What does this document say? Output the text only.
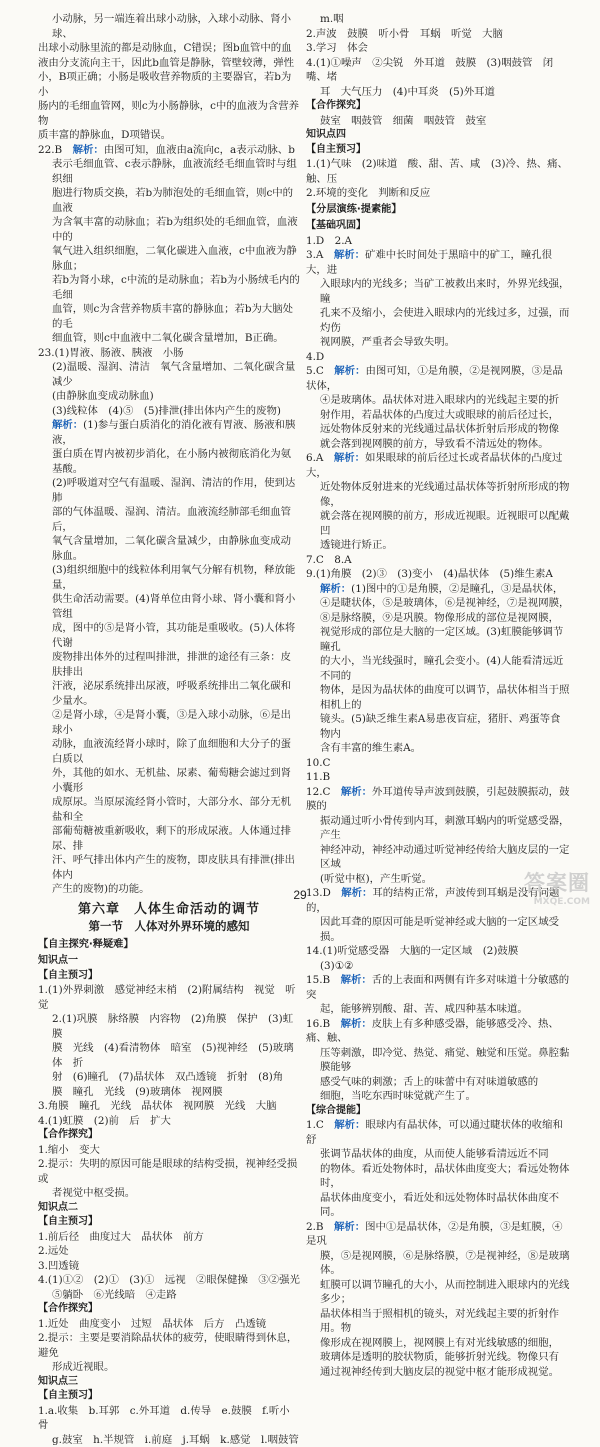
小动脉，另一端连着出球小动脉，入球小动脉、肾小球、

出球小动脉里流的都是动脉血，C错误；图b血管中的血

液由分支流向主干，因此b血管是静脉，管壁较薄，弹性

小，B项正确；小肠是吸收营养物质的主要器官，若b为小

肠内的毛细血管网，则c为小肠静脉，c中的血液为含营养物

质丰富的静脉血，D项错误。

22.B　解析：由图可知，血液由a流向c，a表示动脉、b

表示毛细血管、c表示静脉，血液流经毛细血管时与组织细

胞进行物质交换，若b为肺泡处的毛细血管，则c中的血液

为含氧丰富的动脉血；若b为组织处的毛细血管，血液中的

氧气进入组织细胞，二氧化碳进入血液，c中血液为静脉血；

若b为肾小球，c中流的是动脉血；若b为小肠绒毛内的毛细

血管，则c为含营养物质丰富的静脉血；若b为大脑处的毛

细血管，则c中血液中二氧化碳含量增加，B正确。

23.(1)胃液、肠液、胰液　小肠

(2)温暖、湿润、清洁　氧气含量增加、二氧化碳含量减少

(由静脉血变成动脉血)

(3)线粒体　(4)⑤　(5)排泄(排出体内产生的废物)

解析：(1)参与蛋白质消化的消化液有胃液、肠液和胰液，

蛋白质在胃内被初步消化，在小肠内被彻底消化为氨基酸。

(2)呼吸道对空气有温暖、湿润、清洁的作用，使到达肺

部的气体温暖、湿润、清洁。血液流经肺部毛细血管后，

氧气含量增加，二氧化碳含量减少，由静脉血变成动脉血。

(3)组织细胞中的线粒体利用氧气分解有机物，释放能量，

供生命活动需要。(4)肾单位由肾小球、肾小囊和肾小管组

成，图中的⑤是肾小管，其功能是重吸收。(5)人体将代谢

废物排出体外的过程叫排泄，排泄的途径有三条：皮肤排出

汗液，泌尿系统排出尿液，呼吸系统排出二氧化碳和少量水。

②是肾小球，④是肾小囊，③是入球小动脉，⑥是出球小

动脉，血液流经肾小球时，除了血细胞和大分子的蛋白质以

外，其他的如水、无机盐、尿素、葡萄糖会滤过到肾小囊形

成原尿。当原尿流经肾小管时，大部分水、部分无机盐和全

部葡萄糖被重新吸收，剩下的形成尿液。人体通过排尿、排

汗、呼气排出体内产生的废物，即皮肤具有排泄(排出体内

产生的废物)的功能。

第六章　人体生命活动的调节
第一节　人体对外界环境的感知
【自主探究·释疑难】

知识点一

【自主预习】

1.(1)外界刺激　感觉神经末梢　(2)附属结构　视觉　听觉

2.(1)巩膜　脉络膜　内容物　(2)角膜　保护　(3)虹膜

膜　光线　(4)看清物体　暗室　(5)视神经　(5)玻璃体　折

射　(6)瞳孔　(7)晶状体　双凸透镜　折射　(8)角

膜　瞳孔　光线　(9)玻璃体　视网膜

3.角膜　瞳孔　光线　晶状体　视网膜　光线　大脑

4.(1)虹膜　(2)前　后　扩大

【合作探究】

1.缩小　变大

2.提示：失明的原因可能是眼球的结构受损，视神经受损或

者视觉中枢受损。

知识点二

【自主预习】

1.前后径　曲度过大　晶状体　前方

2.远处

3.凹透镜

4.(1)①②　(2)①　(3)①　远视　②眼保健操　③②强光

⑤躺卧　⑥光线暗　④走路

【合作探究】

1.近处　曲度变小　过短　晶状体　后方　凸透镜

2.提示：主要是要消除晶状体的疲劳，使眼睛得到休息，避免

形成近视眼。

知识点三

【自主预习】

1.a.收集　b.耳郭　c.外耳道　d.传导　e.鼓膜　f.听小骨

g.鼓室　h.半规管　i.前庭　j.耳蜗　k.感觉　l.咽鼓管

m.咽

2.声波　鼓膜　听小骨　耳蜗　听觉　大脑

3.学习　体会

4.(1)①噪声　②尖锐　外耳道　鼓膜　(3)咽鼓管　闭嘴、堵

耳　大气压力　(4)中耳炎　(5)外耳道

【合作探究】

鼓室　咽鼓管　细菌　咽鼓管　鼓室

知识点四

【自主预习】

1.(1)气味　(2)味道　酸、甜、苦、咸　(3)冷、热、痛、触、压

2.环境的变化　判断和反应

【分层演练·提素能】

【基础巩固】

1.D　2.A

3.A　解析：矿难中长时间处于黑暗中的矿工，瞳孔很大，进

入眼球内的光线多；当矿工被救出来时，外界光线强，瞳

孔来不及缩小，会使进入眼球内的光线过多，过强，而灼伤

视网膜，严重者会导致失明。

4.D

5.C　解析：由图可知，①是角膜，②是视网膜，③是晶状体，

④是玻璃体。晶状体对进入眼球内的光线起主要的折

射作用，若晶状体的凸度过大或眼球的前后径过长，

远处物体反射来的光线通过晶状体折射后形成的物像

就会落到视网膜的前方，导致看不清远处的物体。

6.A　解析：如果眼球的前后径过长或者晶状体的凸度过大，

近处物体反射进来的光线通过晶状体等折射所形成的物像，

就会落在视网膜的前方，形成近视眼。近视眼可以配戴凹

透镜进行矫正。

7.C　8.A

9.(1)角膜　(2)③　(3)变小　(4)晶状体　(5)维生素A

解析：(1)图中的①是角膜，②是瞳孔，③是晶状体，

④是睫状体，⑤是玻璃体，⑥是视神经，⑦是视网膜，

⑧是脉络膜，⑨是巩膜。物像形成的部位是视网膜，

视觉形成的部位是大脑的一定区域。(3)虹膜能够调节瞳孔

的大小，当光线强时，瞳孔会变小。(4)人能看清远近不同的

物体，是因为晶状体的曲度可以调节，晶状体相当于照相机上的

镜头。(5)缺乏维生素A易患夜盲症，猪肝、鸡蛋等食物内

含有丰富的维生素A。

10.C

11.B

12.C　解析：外耳道传导声波到鼓膜，引起鼓膜振动，鼓膜的

振动通过听小骨传到内耳，刺激耳蜗内的听觉感受器，产生

神经冲动，神经冲动通过听觉神经传给大脑皮层的一定区域

(听觉中枢)，产生听觉。

13.D　解析：耳的结构正常，声波传到耳蜗是没有问题的，

因此耳聋的原因可能是听觉神经或大脑的一定区域受损。

14.(1)听觉感受器　大脑的一定区域　(2)鼓膜

(3)①②

15.B　解析：舌的上表面和两侧有许多对味道十分敏感的突

起，能够辨别酸、甜、苦、咸四种基本味道。

16.B　解析：皮肤上有多种感受器，能够感受冷、热、痛、触、

压等刺激，即冷觉、热觉、痛觉、触觉和压觉。鼻腔黏膜能够

感受气味的刺激；舌上的味蕾中有对味道敏感的

细胞，当吃东西时味觉就产生了。

【综合提能】

1.C　解析：眼球内有晶状体，可以通过睫状体的收缩和舒

张调节晶状体的曲度，从而使人能够看清远近不同

的物体。看近处物体时，晶状体曲度变大；看远处物体时，

晶状体曲度变小，看近处和远处物体时晶状体曲度不同。

2.B　解析：图中①是晶状体，②是角膜，③是虹膜，④是巩

膜，⑤是视网膜，⑥是脉络膜，⑦是视神经，⑧是玻璃体。

虹膜可以调节瞳孔的大小，从而控制进入眼球内的光线多少；

晶状体相当于照相机的镜头，对光线起主要的折射作用。物

像形成在视网膜上，视网膜上有对光线敏感的细胞，

玻璃体是透明的胶状物质，能够折射光线。物像只有

通过视神经传到大脑皮层的视觉中枢才能形成视觉。

29	答案圈
MXQE.COM
